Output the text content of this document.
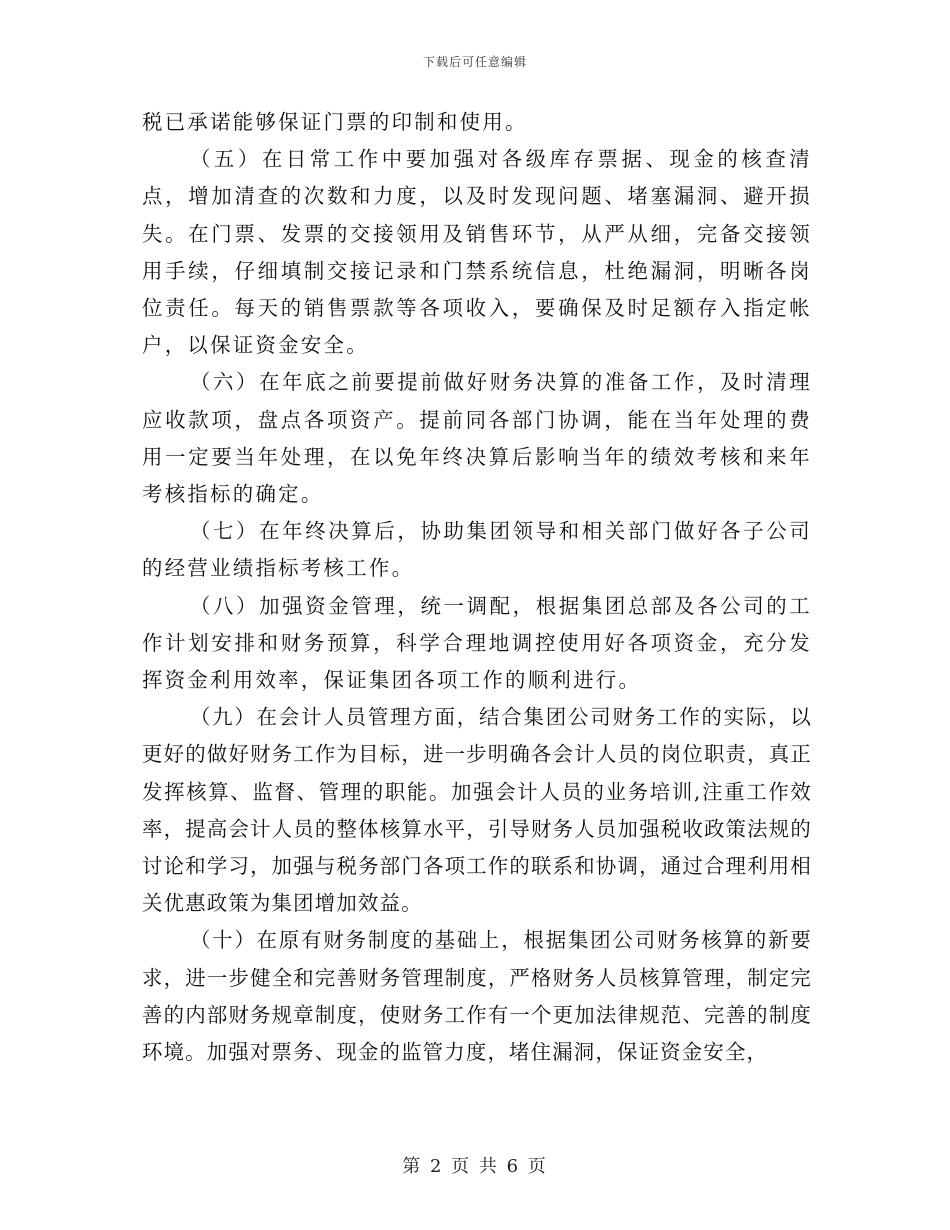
下载后可任意编辑

税已承诺能够保证门票的印制和使用。

（五）在日常工作中要加强对各级库存票据、现金的核查清点，增加清查的次数和力度，以及时发现问题、堵塞漏洞、避开损失。在门票、发票的交接领用及销售环节，从严从细，完备交接领用手续，仔细填制交接记录和门禁系统信息，杜绝漏洞，明晰各岗位责任。每天的销售票款等各项收入，要确保及时足额存入指定帐户，以保证资金安全。

（六）在年底之前要提前做好财务决算的准备工作，及时清理应收款项，盘点各项资产。提前同各部门协调，能在当年处理的费用一定要当年处理，在以免年终决算后影响当年的绩效考核和来年考核指标的确定。

（七）在年终决算后，协助集团领导和相关部门做好各子公司的经营业绩指标考核工作。

（八）加强资金管理，统一调配，根据集团总部及各公司的工作计划安排和财务预算，科学合理地调控使用好各项资金，充分发挥资金利用效率，保证集团各项工作的顺利进行。

（九）在会计人员管理方面，结合集团公司财务工作的实际，以更好的做好财务工作为目标，进一步明确各会计人员的岗位职责，真正发挥核算、监督、管理的职能。加强会计人员的业务培训,注重工作效率，提高会计人员的整体核算水平，引导财务人员加强税收政策法规的讨论和学习，加强与税务部门各项工作的联系和协调，通过合理利用相关优惠政策为集团增加效益。

（十）在原有财务制度的基础上，根据集团公司财务核算的新要求，进一步健全和完善财务管理制度，严格财务人员核算管理，制定完善的内部财务规章制度，使财务工作有一个更加法律规范、完善的制度环境。加强对票务、现金的监管力度，堵住漏洞，保证资金安全，

第 2 页 共 6 页
